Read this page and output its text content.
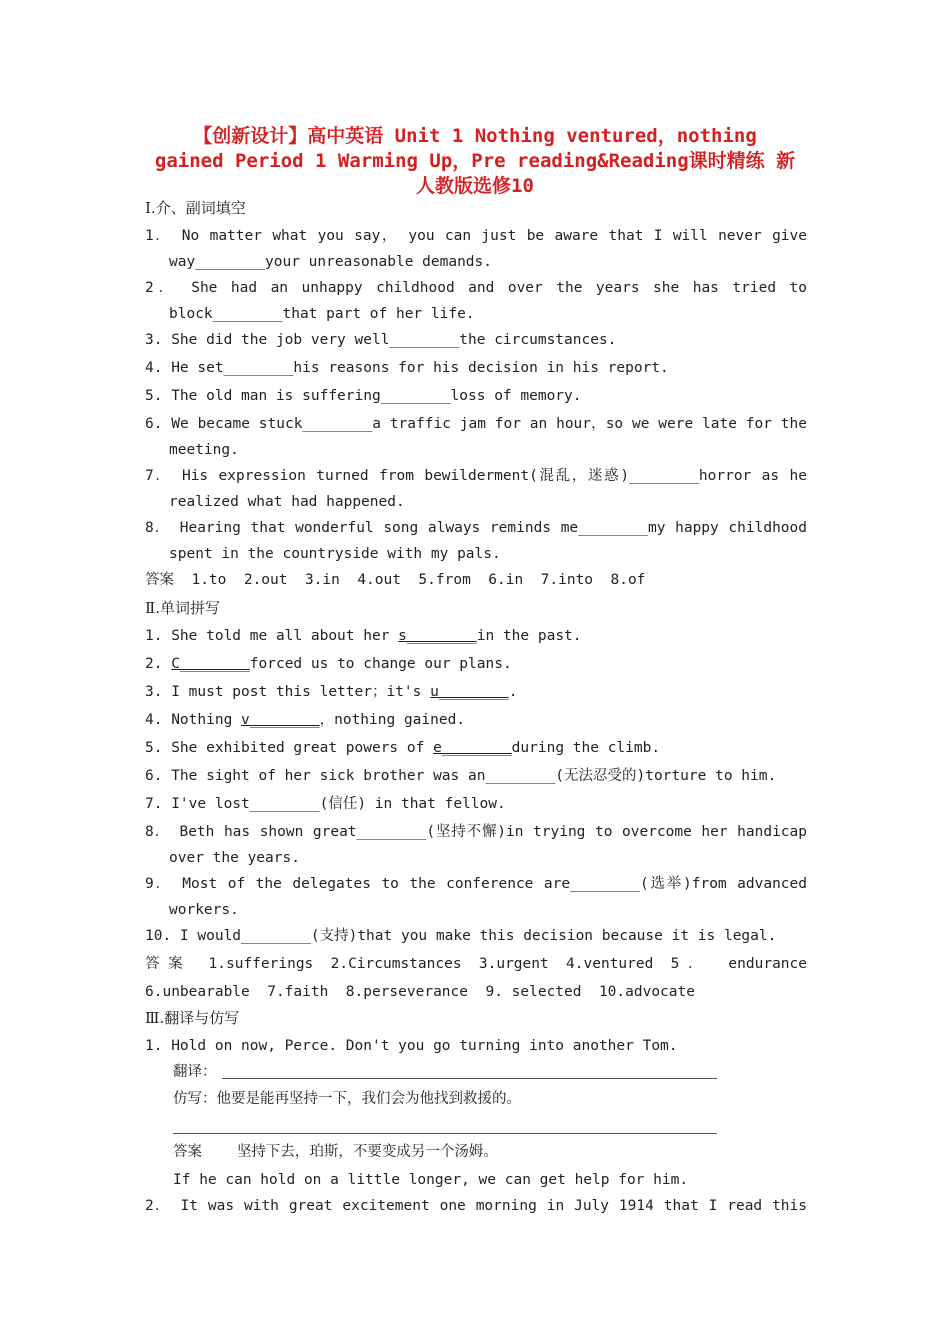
【创新设计】高中英语 Unit 1 Nothing ventured，nothing
gained Period 1 Warming Up，Pre reading&Reading课时精练 新
人教版选修10
Ⅰ.介、副词填空
1． No matter what you say， you can just be aware that I will never give
way________your unreasonable demands.
2． She had an unhappy childhood and over the years she has tried to
block________that part of her life.
3. She did the job very well________the circumstances.
4. He set________his reasons for his decision in his report.
5. The old man is suffering________loss of memory.
6. We became stuck________a traffic jam for an hour，so we were late for the
meeting.
7． His expression turned from bewilderment(混乱，迷惑)________horror as he
realized what had happened.
8． Hearing that wonderful song always reminds me________my happy childhood
spent in the countryside with my pals.
答案  1.to  2.out  3.in  4.out  5.from  6.in  7.into  8.of
Ⅱ.单词拼写
1. She told me all about her s________in the past.
2. C________forced us to change our plans.
3. I must post this letter；it's u________.
4. Nothing v________，nothing gained.
5. She exhibited great powers of e________during the climb.
6. The sight of her sick brother was an________(无法忍受的)torture to him.
7. I've lost________(信任) in that fellow.
8． Beth has shown great________(坚持不懈)in trying to overcome her handicap
over the years.
9． Most of the delegates to the conference are________(选举)from advanced
workers.
10. I would________(支持)that you make this decision because it is legal.
答案 1.sufferings 2.Circumstances 3.urgent 4.ventured 5． endurance
6.unbearable  7.faith  8.perseverance  9. selected  10.advocate
Ⅲ.翻译与仿写
1. Hold on now, Perce. Don't you go turning into another Tom.
翻译：
仿写：他要是能再坚持一下，我们会为他找到救援的。
答案    坚持下去，珀斯，不要变成另一个汤姆。
If he can hold on a little longer, we can get help for him.
2． It was with great excitement one morning in July 1914 that I read this
